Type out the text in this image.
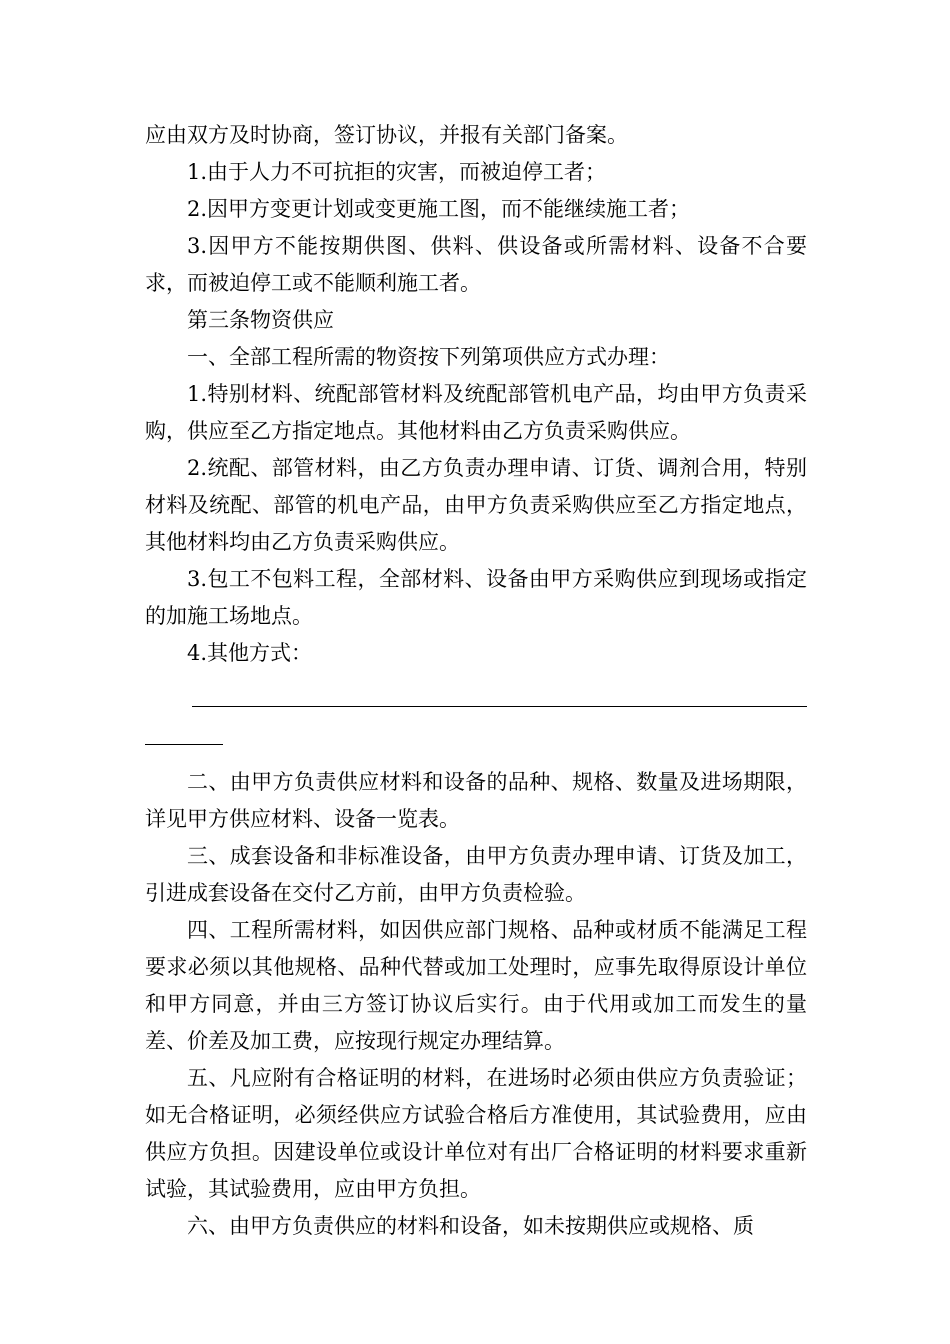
应由双方及时协商，签订协议，并报有关部门备案。

1.由于人力不可抗拒的灾害，而被迫停工者；

2.因甲方变更计划或变更施工图，而不能继续施工者；

3.因甲方不能按期供图、供料、供设备或所需材料、设备不合要求，而被迫停工或不能顺利施工者。

第三条物资供应

一、全部工程所需的物资按下列第项供应方式办理：

1.特别材料、统配部管材料及统配部管机电产品，均由甲方负责采购，供应至乙方指定地点。其他材料由乙方负责采购供应。

2.统配、部管材料，由乙方负责办理申请、订货、调剂合用，特别材料及统配、部管的机电产品，由甲方负责采购供应至乙方指定地点，其他材料均由乙方负责采购供应。

3.包工不包料工程，全部材料、设备由甲方采购供应到现场或指定的加施工场地点。

4.其他方式：

二、由甲方负责供应材料和设备的品种、规格、数量及进场期限，详见甲方供应材料、设备一览表。

三、成套设备和非标准设备，由甲方负责办理申请、订货及加工，引进成套设备在交付乙方前，由甲方负责检验。

四、工程所需材料，如因供应部门规格、品种或材质不能满足工程要求必须以其他规格、品种代替或加工处理时，应事先取得原设计单位和甲方同意，并由三方签订协议后实行。由于代用或加工而发生的量差、价差及加工费，应按现行规定办理结算。

五、凡应附有合格证明的材料，在进场时必须由供应方负责验证；如无合格证明，必须经供应方试验合格后方准使用，其试验费用，应由供应方负担。因建设单位或设计单位对有出厂合格证明的材料要求重新试验，其试验费用，应由甲方负担。

六、由甲方负责供应的材料和设备，如未按期供应或规格、质
